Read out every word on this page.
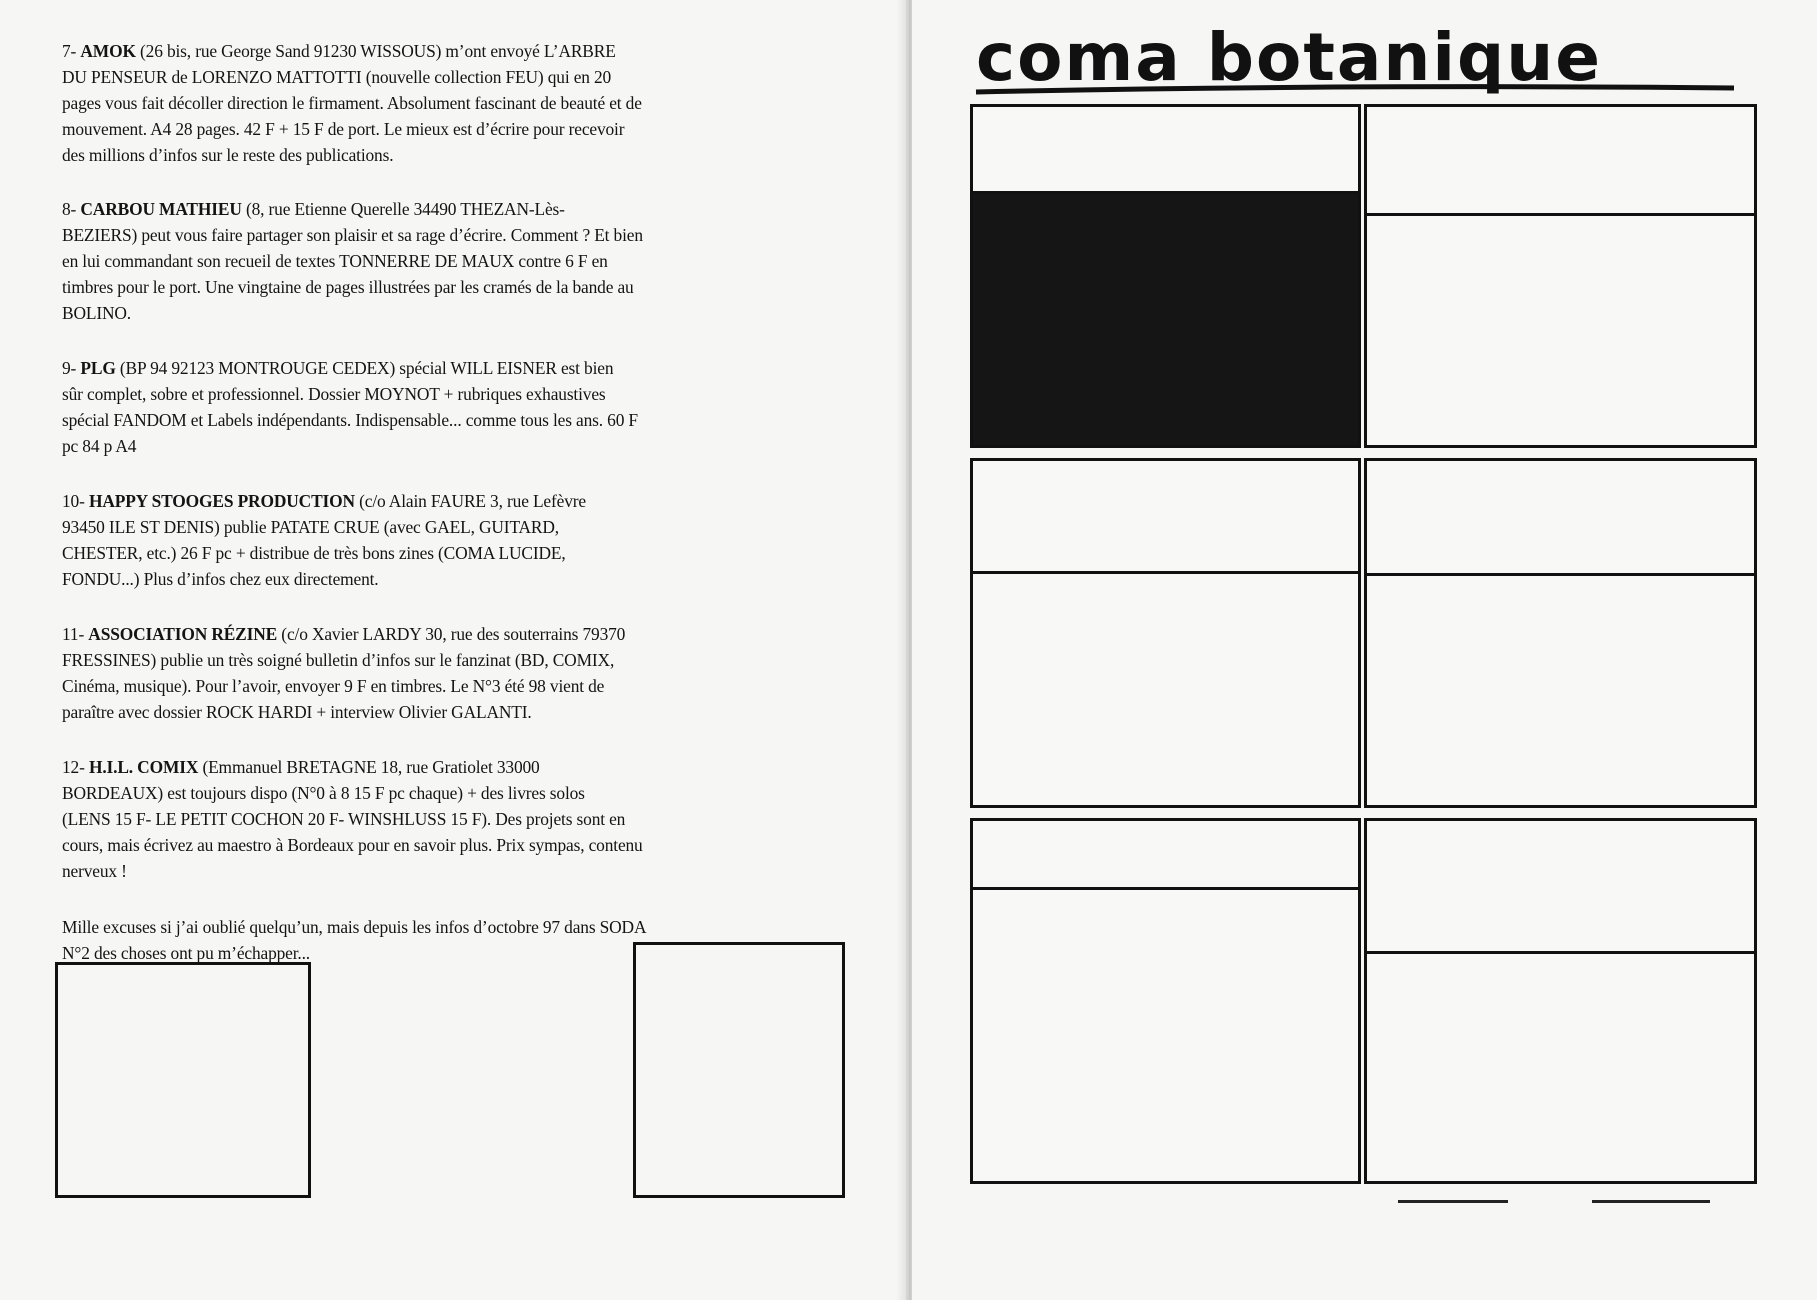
7- AMOK (26 bis, rue George Sand 91230 WISSOUS) m’ont envoyé L’ARBRE
DU PENSEUR de LORENZO MATTOTTI (nouvelle collection FEU) qui en 20
pages vous fait décoller direction le firmament. Absolument fascinant de beauté et de
mouvement. A4 28 pages. 42 F + 15 F de port. Le mieux est d’écrire pour recevoir
des millions d’infos sur le reste des publications.
8- CARBOU MATHIEU (8, rue Etienne Querelle 34490 THEZAN-Lès-
BEZIERS) peut vous faire partager son plaisir et sa rage d’écrire. Comment ? Et bien
en lui commandant son recueil de textes TONNERRE DE MAUX contre 6 F en
timbres pour le port. Une vingtaine de pages illustrées par les cramés de la bande au
BOLINO.
9- PLG (BP 94 92123 MONTROUGE CEDEX) spécial WILL EISNER est bien
sûr complet, sobre et professionnel. Dossier MOYNOT + rubriques exhaustives
spécial FANDOM et Labels indépendants. Indispensable... comme tous les ans. 60 F
pc 84 p A4
10- HAPPY STOOGES PRODUCTION (c/o Alain FAURE 3, rue Lefèvre
93450 ILE ST DENIS) publie PATATE CRUE (avec GAEL, GUITARD,
CHESTER, etc.) 26 F pc + distribue de très bons zines (COMA LUCIDE,
FONDU...) Plus d’infos chez eux directement.
11- ASSOCIATION RÉZINE (c/o Xavier LARDY 30, rue des souterrains 79370
FRESSINES) publie un très soigné bulletin d’infos sur le fanzinat (BD, COMIX,
Cinéma, musique). Pour l’avoir, envoyer 9 F en timbres. Le N°3 été 98 vient de
paraître avec dossier ROCK HARDI + interview Olivier GALANTI.
12- H.I.L. COMIX (Emmanuel BRETAGNE 18, rue Gratiolet 33000
BORDEAUX) est toujours dispo (N°0 à 8 15 F pc chaque) + des livres solos
(LENS 15 F- LE PETIT COCHON 20 F- WINSHLUSS 15 F). Des projets sont en
cours, mais écrivez au maestro à Bordeaux pour en savoir plus. Prix sympas, contenu
nerveux !
Mille excuses si j’ai oublié quelqu’un, mais depuis les infos d’octobre 97 dans SODA
N°2 des choses ont pu m’échapper...
coma botanique
